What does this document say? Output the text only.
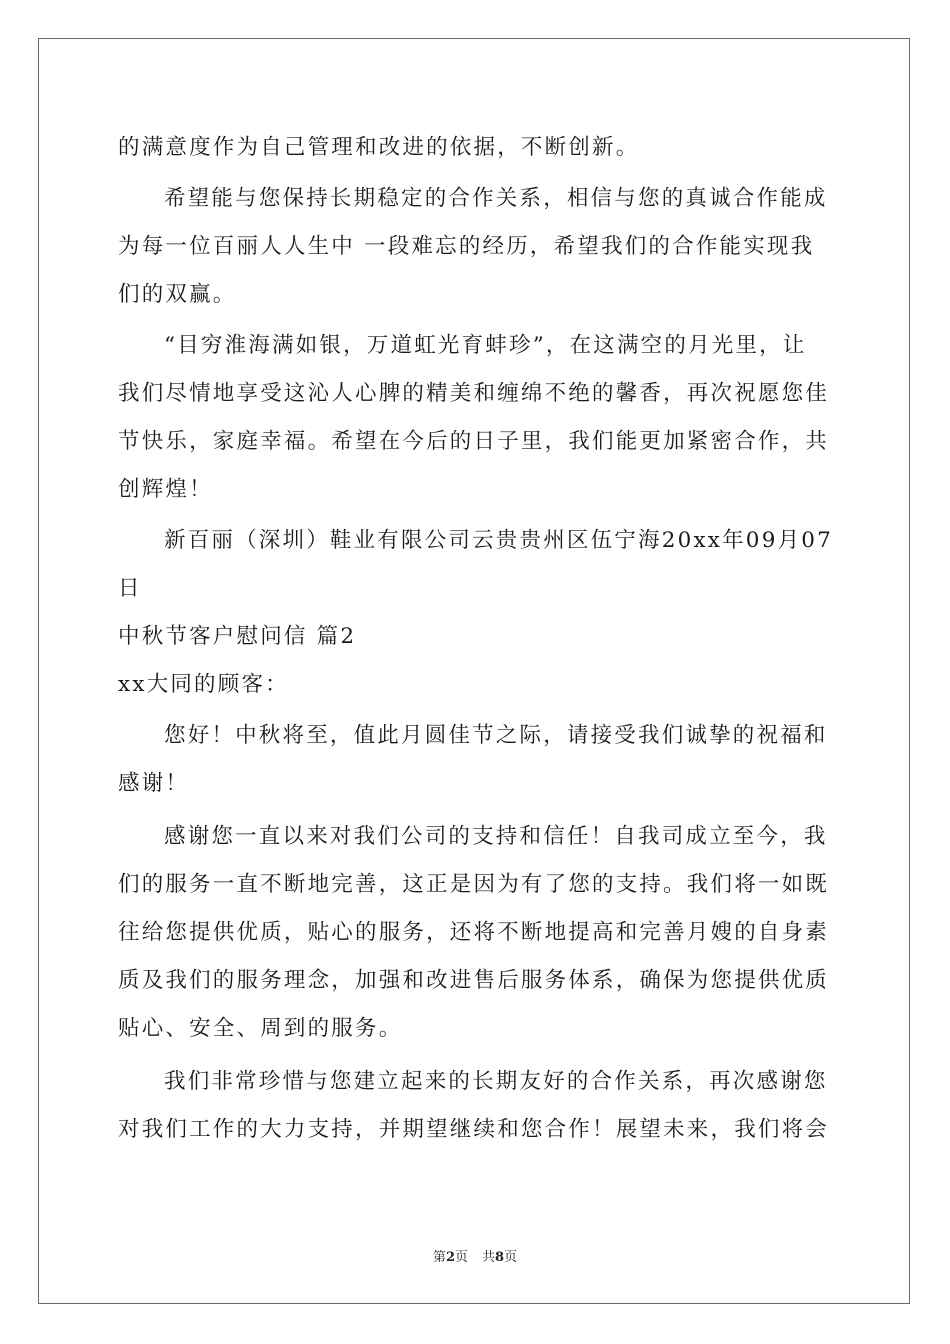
的满意度作为自己管理和改进的依据，不断创新。
希望能与您保持长期稳定的合作关系，相信与您的真诚合作能成
为每一位百丽人人生中 一段难忘的经历，希望我们的合作能实现我
们的双赢。
“目穷淮海满如银，万道虹光育蚌珍”，在这满空的月光里，让
我们尽情地享受这沁人心脾的精美和缠绵不绝的馨香，再次祝愿您佳
节快乐，家庭幸福。希望在今后的日子里，我们能更加紧密合作，共
创辉煌！
新百丽（深圳）鞋业有限公司云贵贵州区伍宁海20xx年09月07
日
中秋节客户慰问信 篇2
xx大同的顾客：
您好！中秋将至，值此月圆佳节之际，请接受我们诚挚的祝福和
感谢！
感谢您一直以来对我们公司的支持和信任！自我司成立至今，我
们的服务一直不断地完善，这正是因为有了您的支持。我们将一如既
往给您提供优质，贴心的服务，还将不断地提高和完善月嫂的自身素
质及我们的服务理念，加强和改进售后服务体系，确保为您提供优质
贴心、安全、周到的服务。
我们非常珍惜与您建立起来的长期友好的合作关系，再次感谢您
对我们工作的大力支持，并期望继续和您合作！展望未来，我们将会
第2页 共8页
